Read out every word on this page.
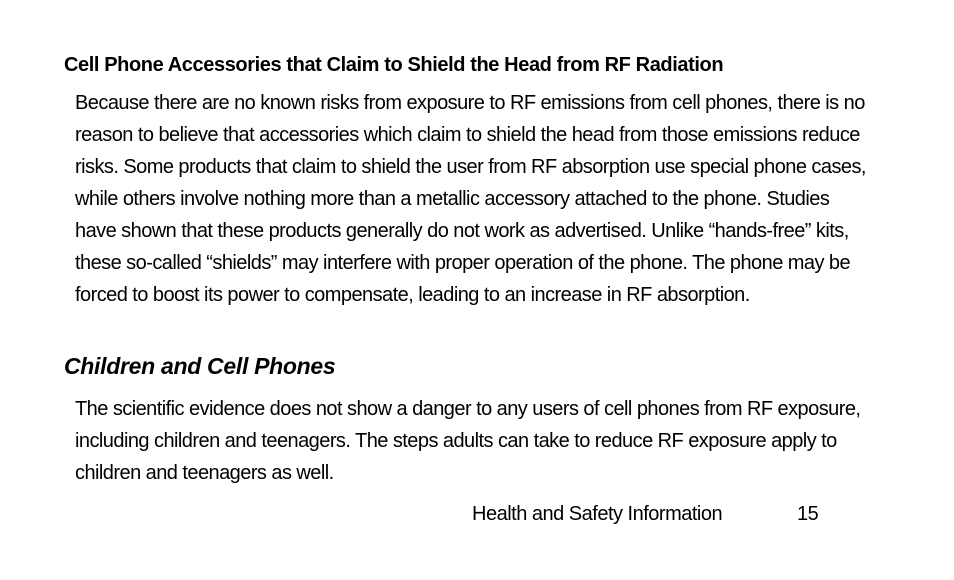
Cell Phone Accessories that Claim to Shield the Head from RF Radiation
Because there are no known risks from exposure to RF emissions from cell phones, there is no reason to believe that accessories which claim to shield the head from those emissions reduce risks. Some products that claim to shield the user from RF absorption use special phone cases, while others involve nothing more than a metallic accessory attached to the phone. Studies have shown that these products generally do not work as advertised. Unlike “hands-free” kits, these so-called “shields” may interfere with proper operation of the phone. The phone may be forced to boost its power to compensate, leading to an increase in RF absorption.
Children and Cell Phones
The scientific evidence does not show a danger to any users of cell phones from RF exposure, including children and teenagers. The steps adults can take to reduce RF exposure apply to children and teenagers as well.
Health and Safety Information	15
